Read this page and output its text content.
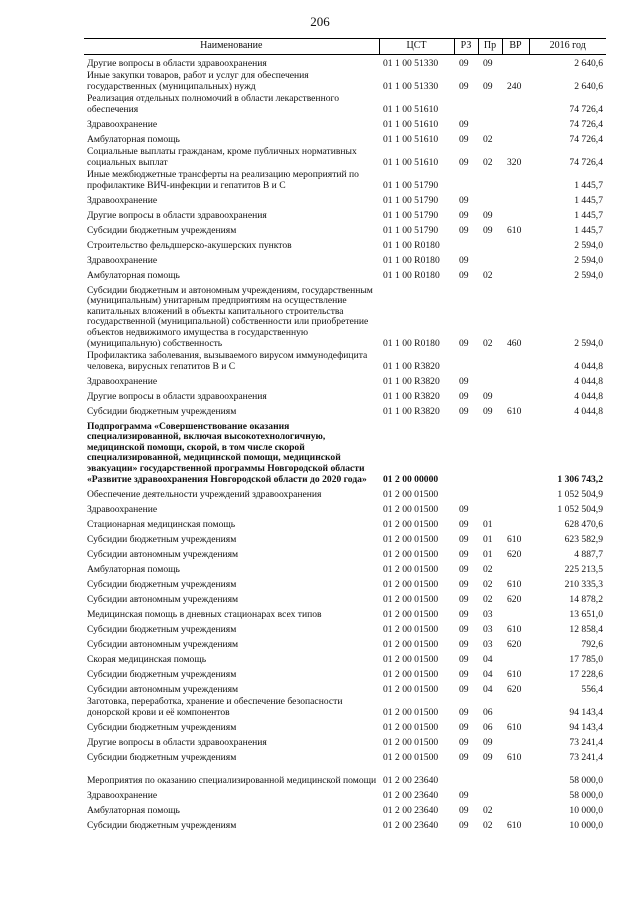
206
Наименование	ЦСТ	РЗ	Пр	ВР	2016 год
Другие вопросы в области здравоохранения	01 1 00 51330	09	09		2 640,6
Иные закупки товаров, работ и услуг для обеспечения государственных (муниципальных) нужд	01 1 00 51330	09	09	240	2 640,6
Реализация отдельных полномочий в области лекарственного обеспечения	01 1 00 51610				74 726,4
Здравоохранение	01 1 00 51610	09			74 726,4
Амбулаторная помощь	01 1 00 51610	09	02		74 726,4
Социальные выплаты гражданам, кроме публичных нормативных социальных выплат	01 1 00 51610	09	02	320	74 726,4
Иные межбюджетные трансферты на реализацию мероприятий по профилактике ВИЧ-инфекции и гепатитов В и С	01 1 00 51790				1 445,7
Здравоохранение	01 1 00 51790	09			1 445,7
Другие вопросы в области здравоохранения	01 1 00 51790	09	09		1 445,7
Субсидии бюджетным учреждениям	01 1 00 51790	09	09	610	1 445,7
Строительство фельдшерско-акушерских пунктов	01 1 00 R0180				2 594,0
Здравоохранение	01 1 00 R0180	09			2 594,0
Амбулаторная помощь	01 1 00 R0180	09	02		2 594,0
Субсидии бюджетным и автономным учреждениям, государственным (муниципальным) унитарным предприятиям на осуществление капитальных вложений в объекты капитального строительства государственной (муниципальной) собственности или приобретение объектов недвижимого имущества в государственную (муниципальную) собственность	01 1 00 R0180	09	02	460	2 594,0
Профилактика заболевания, вызываемого вирусом иммунодефицита человека, вирусных гепатитов В и С	01 1 00 R3820				4 044,8
Здравоохранение	01 1 00 R3820	09			4 044,8
Другие вопросы в области здравоохранения	01 1 00 R3820	09	09		4 044,8
Субсидии бюджетным учреждениям	01 1 00 R3820	09	09	610	4 044,8
Подпрограмма «Совершенствование оказания специализированной, включая высокотехнологичную, медицинской помощи, скорой, в том числе скорой специализированной, медицинской помощи, медицинской эвакуации» государственной программы Новгородской области «Развитие здравоохранения Новгородской области до 2020 года»	01 2 00 00000				1 306 743,2
Обеспечение деятельности учреждений здравоохранения	01 2 00 01500				1 052 504,9
Здравоохранение	01 2 00 01500	09			1 052 504,9
Стационарная медицинская помощь	01 2 00 01500	09	01		628 470,6
Субсидии бюджетным учреждениям	01 2 00 01500	09	01	610	623 582,9
Субсидии автономным учреждениям	01 2 00 01500	09	01	620	4 887,7
Амбулаторная помощь	01 2 00 01500	09	02		225 213,5
Субсидии бюджетным учреждениям	01 2 00 01500	09	02	610	210 335,3
Субсидии автономным учреждениям	01 2 00 01500	09	02	620	14 878,2
Медицинская помощь в дневных стационарах всех типов	01 2 00 01500	09	03		13 651,0
Субсидии бюджетным учреждениям	01 2 00 01500	09	03	610	12 858,4
Субсидии автономным учреждениям	01 2 00 01500	09	03	620	792,6
Скорая медицинская помощь	01 2 00 01500	09	04		17 785,0
Субсидии бюджетным учреждениям	01 2 00 01500	09	04	610	17 228,6
Субсидии автономным учреждениям	01 2 00 01500	09	04	620	556,4
Заготовка, переработка, хранение и обеспечение безопасности донорской крови и её компонентов	01 2 00 01500	09	06		94 143,4
Субсидии бюджетным учреждениям	01 2 00 01500	09	06	610	94 143,4
Другие вопросы в области здравоохранения	01 2 00 01500	09	09		73 241,4
Субсидии бюджетным учреждениям	01 2 00 01500	09	09	610	73 241,4
Мероприятия по оказанию специализированной медицинской помощи	01 2 00 23640				58 000,0
Здравоохранение	01 2 00 23640	09			58 000,0
Амбулаторная помощь	01 2 00 23640	09	02		10 000,0
Субсидии бюджетным учреждениям	01 2 00 23640	09	02	610	10 000,0
